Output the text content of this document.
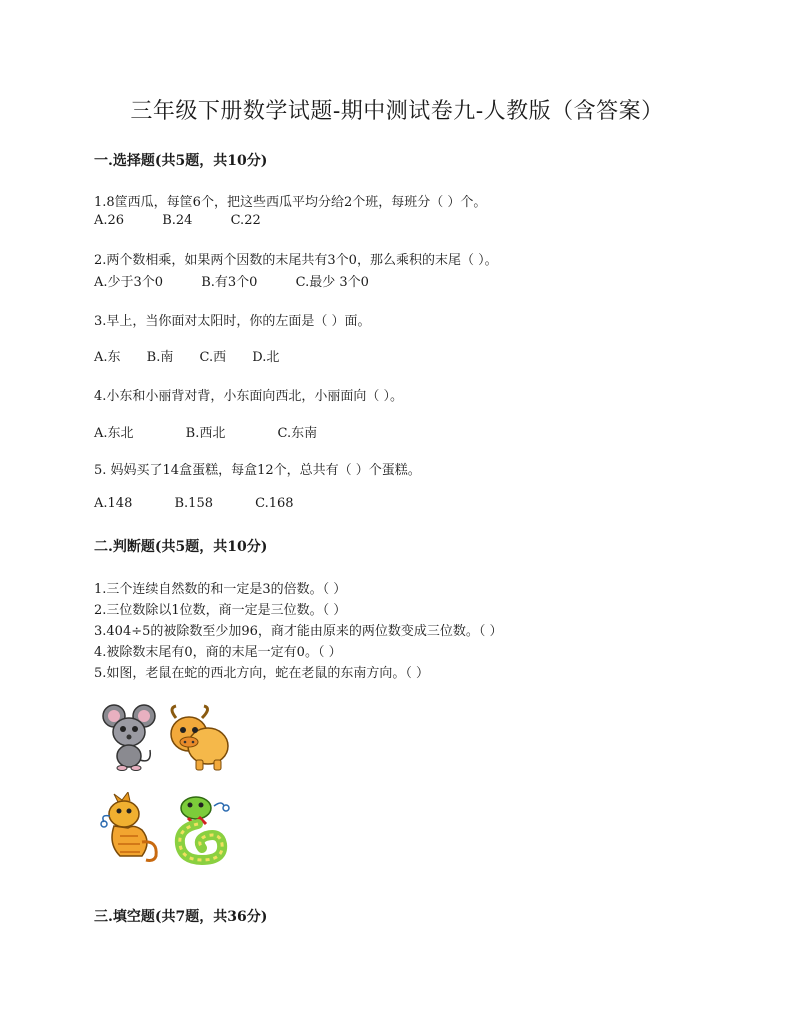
三年级下册数学试题-期中测试卷九-人教版（含答案）
一.选择题(共5题，共10分)
1.8筐西瓜，每筐6个，把这些西瓜平均分给2个班，每班分（ ）个。
A.26	B.24	C.22
2.两个数相乘，如果两个因数的末尾共有3个0，那么乘积的末尾（ ）。
A.少于3个0	B.有3个0	C.最少 3个0
3.早上，当你面对太阳时，你的左面是（ ）面。
A.东 B.南 C.西 D.北
4.小东和小丽背对背，小东面向西北，小丽面向（ ）。
A.东北	B.西北	C.东南
5. 妈妈买了14盒蛋糕，每盒12个，总共有（ ）个蛋糕。
A.148	B.158	C.168
二.判断题(共5题，共10分)
1.三个连续自然数的和一定是3的倍数。（ ）
2.三位数除以1位数，商一定是三位数。（ ）
3.404÷5的被除数至少加96，商才能由原来的两位数变成三位数。（ ）
4.被除数末尾有0，商的末尾一定有0。（ ）
5.如图，老鼠在蛇的西北方向，蛇在老鼠的东南方向。（ ）
三.填空题(共7题，共36分)
